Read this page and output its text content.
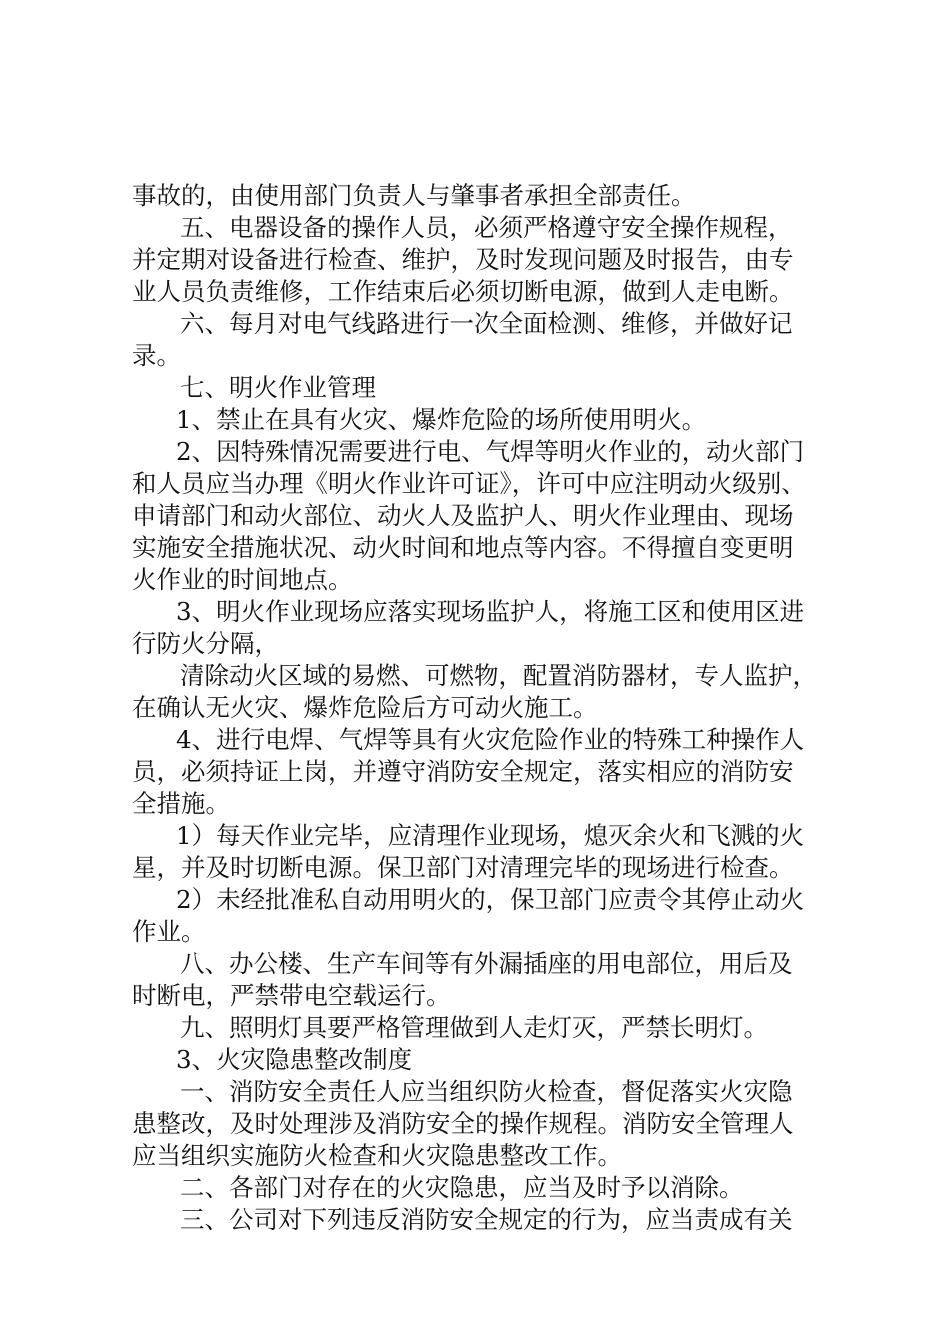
事故的，由使用部门负责人与肇事者承担全部责任。
五、电器设备的操作人员，必须严格遵守安全操作规程，
并定期对设备进行检查、维护，及时发现问题及时报告，由专
业人员负责维修，工作结束后必须切断电源，做到人走电断。
六、每月对电气线路进行一次全面检测、维修，并做好记
录。
七、明火作业管理
1、禁止在具有火灾、爆炸危险的场所使用明火。
2、因特殊情况需要进行电、气焊等明火作业的，动火部门
和人员应当办理《明火作业许可证》，许可中应注明动火级别、
申请部门和动火部位、动火人及监护人、明火作业理由、现场
实施安全措施状况、动火时间和地点等内容。不得擅自变更明
火作业的时间地点。
3、明火作业现场应落实现场监护人，将施工区和使用区进
行防火分隔，
清除动火区域的易燃、可燃物，配置消防器材，专人监护，
在确认无火灾、爆炸危险后方可动火施工。
4、进行电焊、气焊等具有火灾危险作业的特殊工种操作人
员，必须持证上岗，并遵守消防安全规定，落实相应的消防安
全措施。
1）每天作业完毕，应清理作业现场，熄灭余火和飞溅的火
星，并及时切断电源。保卫部门对清理完毕的现场进行检查。
2）未经批准私自动用明火的，保卫部门应责令其停止动火
作业。
八、办公楼、生产车间等有外漏插座的用电部位，用后及
时断电，严禁带电空载运行。
九、照明灯具要严格管理做到人走灯灭，严禁长明灯。
3、火灾隐患整改制度
一、消防安全责任人应当组织防火检查，督促落实火灾隐
患整改，及时处理涉及消防安全的操作规程。消防安全管理人
应当组织实施防火检查和火灾隐患整改工作。
二、各部门对存在的火灾隐患，应当及时予以消除。
三、公司对下列违反消防安全规定的行为，应当责成有关
